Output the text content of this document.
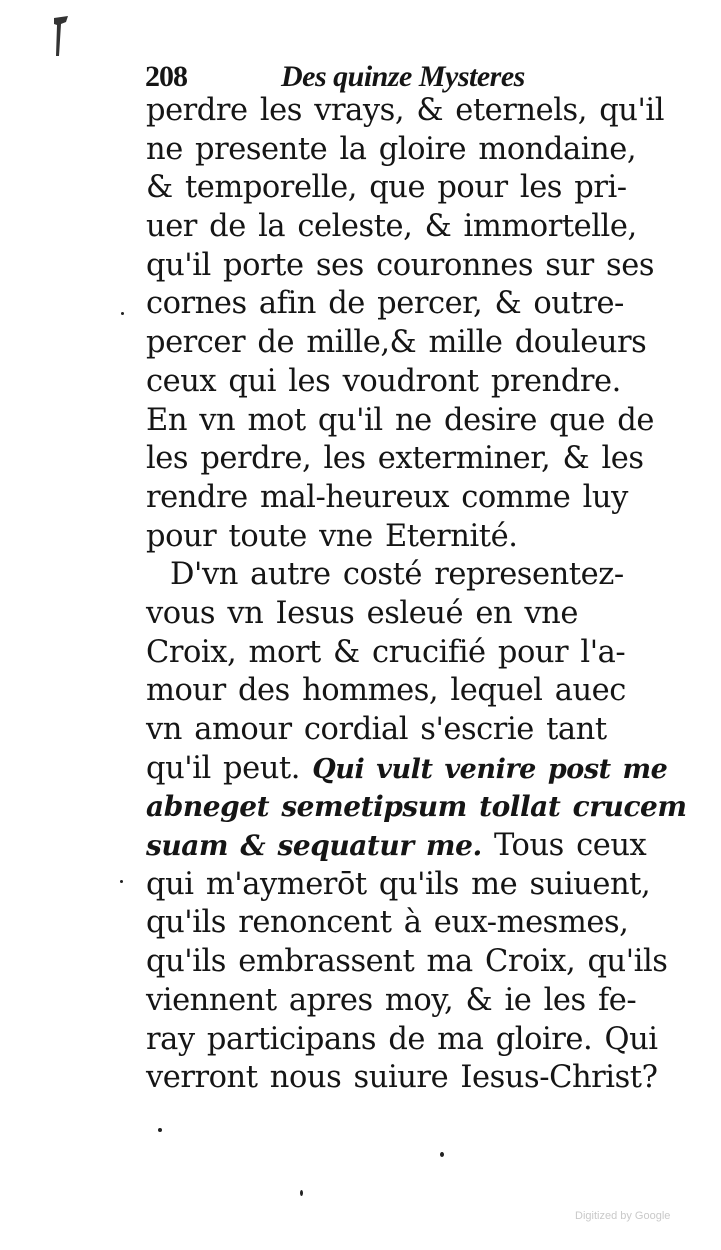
208	Des quinze Mysteres
perdre les vrays, & eternels, qu'il
ne presente la gloire mondaine,
& temporelle, que pour les pri-
uer de la celeste, & immortelle,
qu'il porte ses couronnes sur ses
cornes afin de percer, & outre-
percer de mille,& mille douleurs
ceux qui les voudront prendre.
En vn mot qu'il ne desire que de
les perdre, les exterminer, & les
rendre mal-heureux comme luy
pour toute vne Eternité.
D'vn autre costé representez-
vous vn Iesus esleué en vne
Croix, mort & crucifié pour l'a-
mour des hommes, lequel auec
vn amour cordial s'escrie tant
qu'il peut. Qui vult venire post me
abneget semetipsum tollat crucem
suam & sequatur me. Tous ceux
qui m'aymerōt qu'ils me suiuent,
qu'ils renoncent à eux-mesmes,
qu'ils embrassent ma Croix, qu'ils
viennent apres moy, & ie les fe-
ray participans de ma gloire. Qui
verront nous suiure Iesus-Christ?
Digitized by Google
